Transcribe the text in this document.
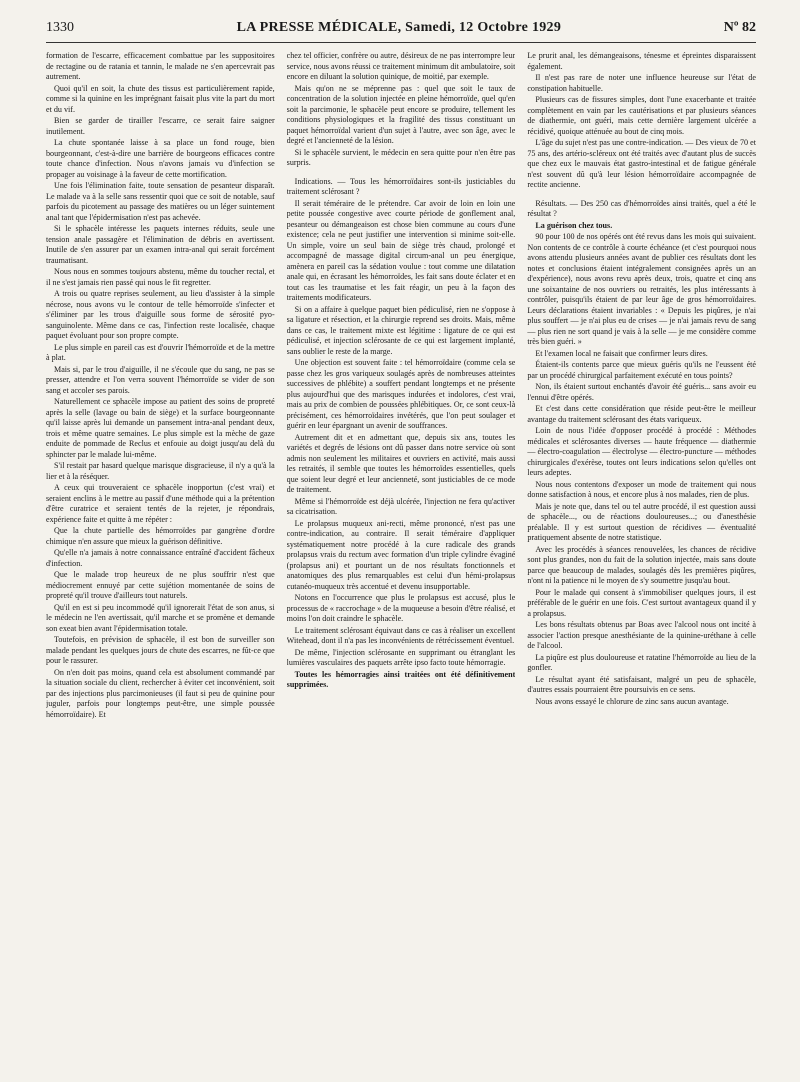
1330	LA PRESSE MÉDICALE, Samedi, 12 Octobre 1929	Nº 82

formation de l'escarre, efficacement combattue par les suppositoires de rectagine ou de ratania et tannin, le malade ne s'en apercevrait pas autrement.

Quoi qu'il en soit, la chute des tissus est particulièrement rapide, comme si la quinine en les imprégnant faisait plus vite la part du mort et du vif.

Bien se garder de tirailler l'escarre, ce serait faire saigner inutilement.

La chute spontanée laisse à sa place un fond rouge, bien bourgeonnant, c'est-à-dire une barrière de bourgeons efficaces contre toute chance d'infection. Nous n'avons jamais vu d'infection se propager au voisinage à la faveur de cette mortification.

Une fois l'élimination faite, toute sensation de pesanteur disparaît. Le malade va à la selle sans ressentir quoi que ce soit de notable, sauf parfois du picotement au passage des matières ou un léger suintement anal tant que l'épidermisation n'est pas achevée.

Si le sphacèle intéresse les paquets internes réduits, seule une tension anale passagère et l'élimination de débris en avertissent. Inutile de s'en assurer par un examen intra-anal qui serait forcément traumatisant.

Nous nous en sommes toujours abstenu, même du toucher rectal, et il ne s'est jamais rien passé qui nous le fit regretter.

A trois ou quatre reprises seulement, au lieu d'assister à la simple nécrose, nous avons vu le contour de telle hémorroïde s'infecter et s'éliminer par les trous d'aiguille sous forme de sérosité pyo-sanguinolente. Même dans ce cas, l'infection reste localisée, chaque paquet évoluant pour son propre compte.

Le plus simple en pareil cas est d'ouvrir l'hémorroïde et de la mettre à plat.

Mais si, par le trou d'aiguille, il ne s'écoule que du sang, ne pas se presser, attendre et l'on verra souvent l'hémorroïde se vider de son sang et accoler ses parois.

Naturellement ce sphacèle impose au patient des soins de propreté après la selle (lavage ou bain de siège) et la surface bourgeonnante qu'il laisse après lui demande un pansement intra-anal pendant deux, trois et même quatre semaines. Le plus simple est la mèche de gaze enduite de pommade de Reclus et enfouie au doigt jusqu'au delà du sphincter par le malade lui-même.

S'il restait par hasard quelque marisque disgracieuse, il n'y a qu'à la lier et à la réséquer.

A ceux qui trouveraient ce sphacèle inopportun (c'est vrai) et seraient enclins à le mettre au passif d'une méthode qui a la prétention d'être curatrice et seraient tentés de la rejeter, je répondrais, expérience faite et quitte à me répéter :

Que la chute partielle des hémorroïdes par gangrène d'ordre chimique n'en assure que mieux la guérison définitive.

Qu'elle n'a jamais à notre connaissance entraîné d'accident fâcheux d'infection.

Que le malade trop heureux de ne plus souffrir n'est que médiocrement ennuyé par cette sujétion momentanée de soins de propreté qu'il trouve d'ailleurs tout naturels.

Qu'il en est si peu incommodé qu'il ignorerait l'état de son anus, si le médecin ne l'en avertissait, qu'il marche et se promène et demande son exeat bien avant l'épidermisation totale.

Toutefois, en prévision de sphacèle, il est bon de surveiller son malade pendant les quelques jours de chute des escarres, ne fût-ce que pour le rassurer.

On n'en doit pas moins, quand cela est absolument commandé par la situation sociale du client, rechercher à éviter cet inconvénient, soit par des injections plus parcimonieuses (il faut si peu de quinine pour juguler, parfois pour longtemps peut-être, une simple poussée hémorroïdaire). Et

chez tel officier, confrère ou autre, désireux de ne pas interrompre leur service, nous avons réussi ce traitement minimum dit ambulatoire, soit encore en diluant la solution quinique, de moitié, par exemple.

Mais qu'on ne se méprenne pas : quel que soit le taux de concentration de la solution injectée en pleine hémorroïde, quel qu'en soit la parcimonie, le sphacèle peut encore se produire, tellement les conditions physiologiques et la fragilité des tissus constituant un paquet hémorroïdal varient d'un sujet à l'autre, avec son âge, avec le degré et l'ancienneté de la lésion.

Si le sphacèle survient, le médecin en sera quitte pour n'en être pas surpris.

Indications. — Tous les hémorroïdaires sont-ils justiciables du traitement sclérosant ?

Il serait téméraire de le prétendre. Car avoir de loin en loin une petite poussée congestive avec courte période de gonflement anal, pesanteur ou démangeaison est chose bien commune au cours d'une existence; cela ne peut justifier une intervention si minime soit-elle. Un simple, voire un seul bain de siège très chaud, prolongé et accompagné de massage digital circum-anal un peu énergique, amènera en pareil cas la sédation voulue : tout comme une dilatation anale qui, en écrasant les hémorroïdes, les fait sans doute éclater et en tout cas les traumatise et les fait réagir, un peu à la façon des traitements modificateurs.

Si on a affaire à quelque paquet bien pédiculisé, rien ne s'oppose à sa ligature et résection, et la chirurgie reprend ses droits. Mais, même dans ce cas, le traitement mixte est légitime : ligature de ce qui est pédiculisé, et injection sclérosante de ce qui est largement implanté, sans oublier le reste de la marge.

Une objection est souvent faite : tel hémorroïdaire (comme cela se passe chez les gros variqueux soulagés après de nombreuses atteintes successives de phlébite) a souffert pendant longtemps et ne présente plus aujourd'hui que des marisques indurées et indolores, c'est vrai, mais au prix de combien de poussées phlébitiques. Or, ce sont ceux-là précisément, ces hémorroïdaires invétérés, que l'on peut soulager et guérir en leur épargnant un avenir de souffrances.

Autrement dit et en admettant que, depuis six ans, toutes les variétés et degrés de lésions ont dû passer dans notre service où sont admis non seulement les militaires et ouvriers en activité, mais aussi les retraités, il semble que toutes les hémorroïdes essentielles, quels que soient leur degré et leur ancienneté, sont justiciables de ce mode de traitement.

Même si l'hémorroïde est déjà ulcérée, l'injection ne fera qu'activer sa cicatrisation.

Le prolapsus muqueux ani-recti, même prononcé, n'est pas une contre-indication, au contraire. Il serait téméraire d'appliquer systématiquement notre procédé à la cure radicale des grands prolapsus vrais du rectum avec formation d'un triple cylindre évaginé (prolapsus ani) et pourtant un de nos résultats fonctionnels et anatomiques des plus remarquables est celui d'un hémi-prolapsus cutanéo-muqueux très accentué et devenu insupportable.

Notons en l'occurrence que plus le prolapsus est accusé, plus le processus de « raccrochage » de la muqueuse a besoin d'être réalisé, et moins l'on doit craindre le sphacèle.

Le traitement sclérosant équivaut dans ce cas à réaliser un excellent Witehead, dont il n'a pas les inconvénients de rétrécissement éventuel.

De même, l'injection sclérosante en supprimant ou étranglant les lumières vasculaires des paquets arrête ipso facto toute hémorragie.

Toutes les hémorragies ainsi traitées ont été définitivement supprimées.

Le prurit anal, les démangeaisons, ténesme et épreintes disparaissent également.

Il n'est pas rare de noter une influence heureuse sur l'état de constipation habituelle.

Plusieurs cas de fissures simples, dont l'une exacerbante et traitée complètement en vain par les cautérisations et par plusieurs séances de diathermie, ont guéri, mais cette dernière largement ulcérée a récidivé, quoique atténuée au bout de cinq mois.

L'âge du sujet n'est pas une contre-indication. — Des vieux de 70 et 75 ans, des artério-scléreux ont été traités avec d'autant plus de succès que chez eux le mauvais état gastro-intestinal et de fatigue générale n'est souvent dû qu'à leur lésion hémorroïdaire accompagnée de rectite ancienne.

Résultats. — Des 250 cas d'hémorroïdes ainsi traités, quel a été le résultat ?

La guérison chez tous.

90 pour 100 de nos opérés ont été revus dans les mois qui suivaient. Non contents de ce contrôle à courte échéance (et c'est pourquoi nous avons attendu plusieurs années avant de publier ces résultats dont les notes et conclusions étaient intégralement consignées après un an d'expérience), nous avons revu après deux, trois, quatre et cinq ans une soixantaine de nos ouvriers ou retraités, les plus intéressants à contrôler, puisqu'ils étaient de par leur âge de gros hémorroïdaires. Leurs déclarations étaient invariables : « Depuis les piqûres, je n'ai plus souffert — je n'ai plus eu de crises — je n'ai jamais revu de sang — plus rien ne sort quand je vais à la selle — je me considère comme très bien guéri. »

Et l'examen local ne faisait que confirmer leurs dires.

Étaient-ils contents parce que mieux guéris qu'ils ne l'eussent été par un procédé chirurgical parfaitement exécuté en tous points?

Non, ils étaient surtout enchantés d'avoir été guéris... sans avoir eu l'ennui d'être opérés.

Et c'est dans cette considération que réside peut-être le meilleur avantage du traitement sclérosant des états variqueux.

Loin de nous l'idée d'opposer procédé à procédé : Méthodes médicales et sclérosantes diverses — haute fréquence — diathermie — électro-coagulation — électrolyse — électro-puncture — méthodes chirurgicales d'exérèse, toutes ont leurs indications selon qu'elles ont leurs adeptes.

Nous nous contentons d'exposer un mode de traitement qui nous donne satisfaction à nous, et encore plus à nos malades, rien de plus.

Mais je note que, dans tel ou tel autre procédé, il est question aussi de sphacèle..., ou de réactions douloureuses...; ou d'anesthésie préalable. Il y est surtout question de récidives — éventualité pratiquement absente de notre statistique.

Avec les procédés à séances renouvelées, les chances de récidive sont plus grandes, non du fait de la solution injectée, mais sans doute parce que beaucoup de malades, soulagés dès les premières piqûres, n'ont ni la patience ni le moyen de s'y soumettre jusqu'au bout.

Pour le malade qui consent à s'immobiliser quelques jours, il est préférable de le guérir en une fois. C'est surtout avantageux quand il y a prolapsus.

Les bons résultats obtenus par Boas avec l'alcool nous ont incité à associer l'action presque anesthésiante de la quinine-uréthane à celle de l'alcool.

La piqûre est plus douloureuse et ratatine l'hémorroïde au lieu de la gonfler.

Le résultat ayant été satisfaisant, malgré un peu de sphacèle, d'autres essais pourraient être poursuivis en ce sens.

Nous avons essayé le chlorure de zinc sans aucun avantage.
